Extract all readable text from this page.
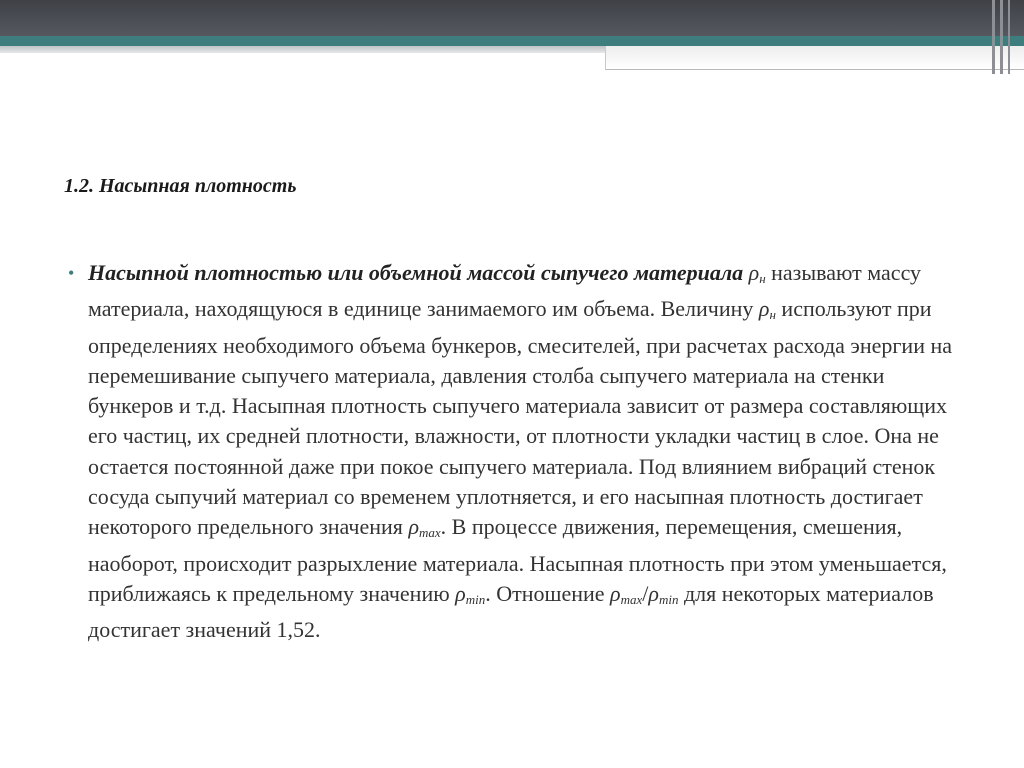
1.2. Насыпная плотность
• Насыпной плотностью или объемной массой сыпучего материала $\rho_н$ называют массу материала, находящуюся в единице занимаемого им объема. Величину $\rho_н$ используют при определениях необходимого объема бункеров, смесителей, при расчетах расхода энергии на перемешивание сыпучего материала, давления столба сыпучего материала на стенки бункеров и т.д. Насыпная плотность сыпучего материала зависит от размера составляющих его частиц, их средней плотности, влажности, от плотности укладки частиц в слое. Она не остается постоянной даже при покое сыпучего материала. Под влиянием вибраций стенок сосуда сыпучий материал со временем уплотняется, и его насыпная плотность достигает некоторого предельного значения $\rho_{max}$. В процессе движения, перемещения, смешения, наоборот, происходит разрыхление материала. Насыпная плотность при этом уменьшается, приближаясь к предельному значению $\rho_{min}$. Отношение $\rho_{max}/\rho_{min}$ для некоторых материалов достигает значений 1,52.
